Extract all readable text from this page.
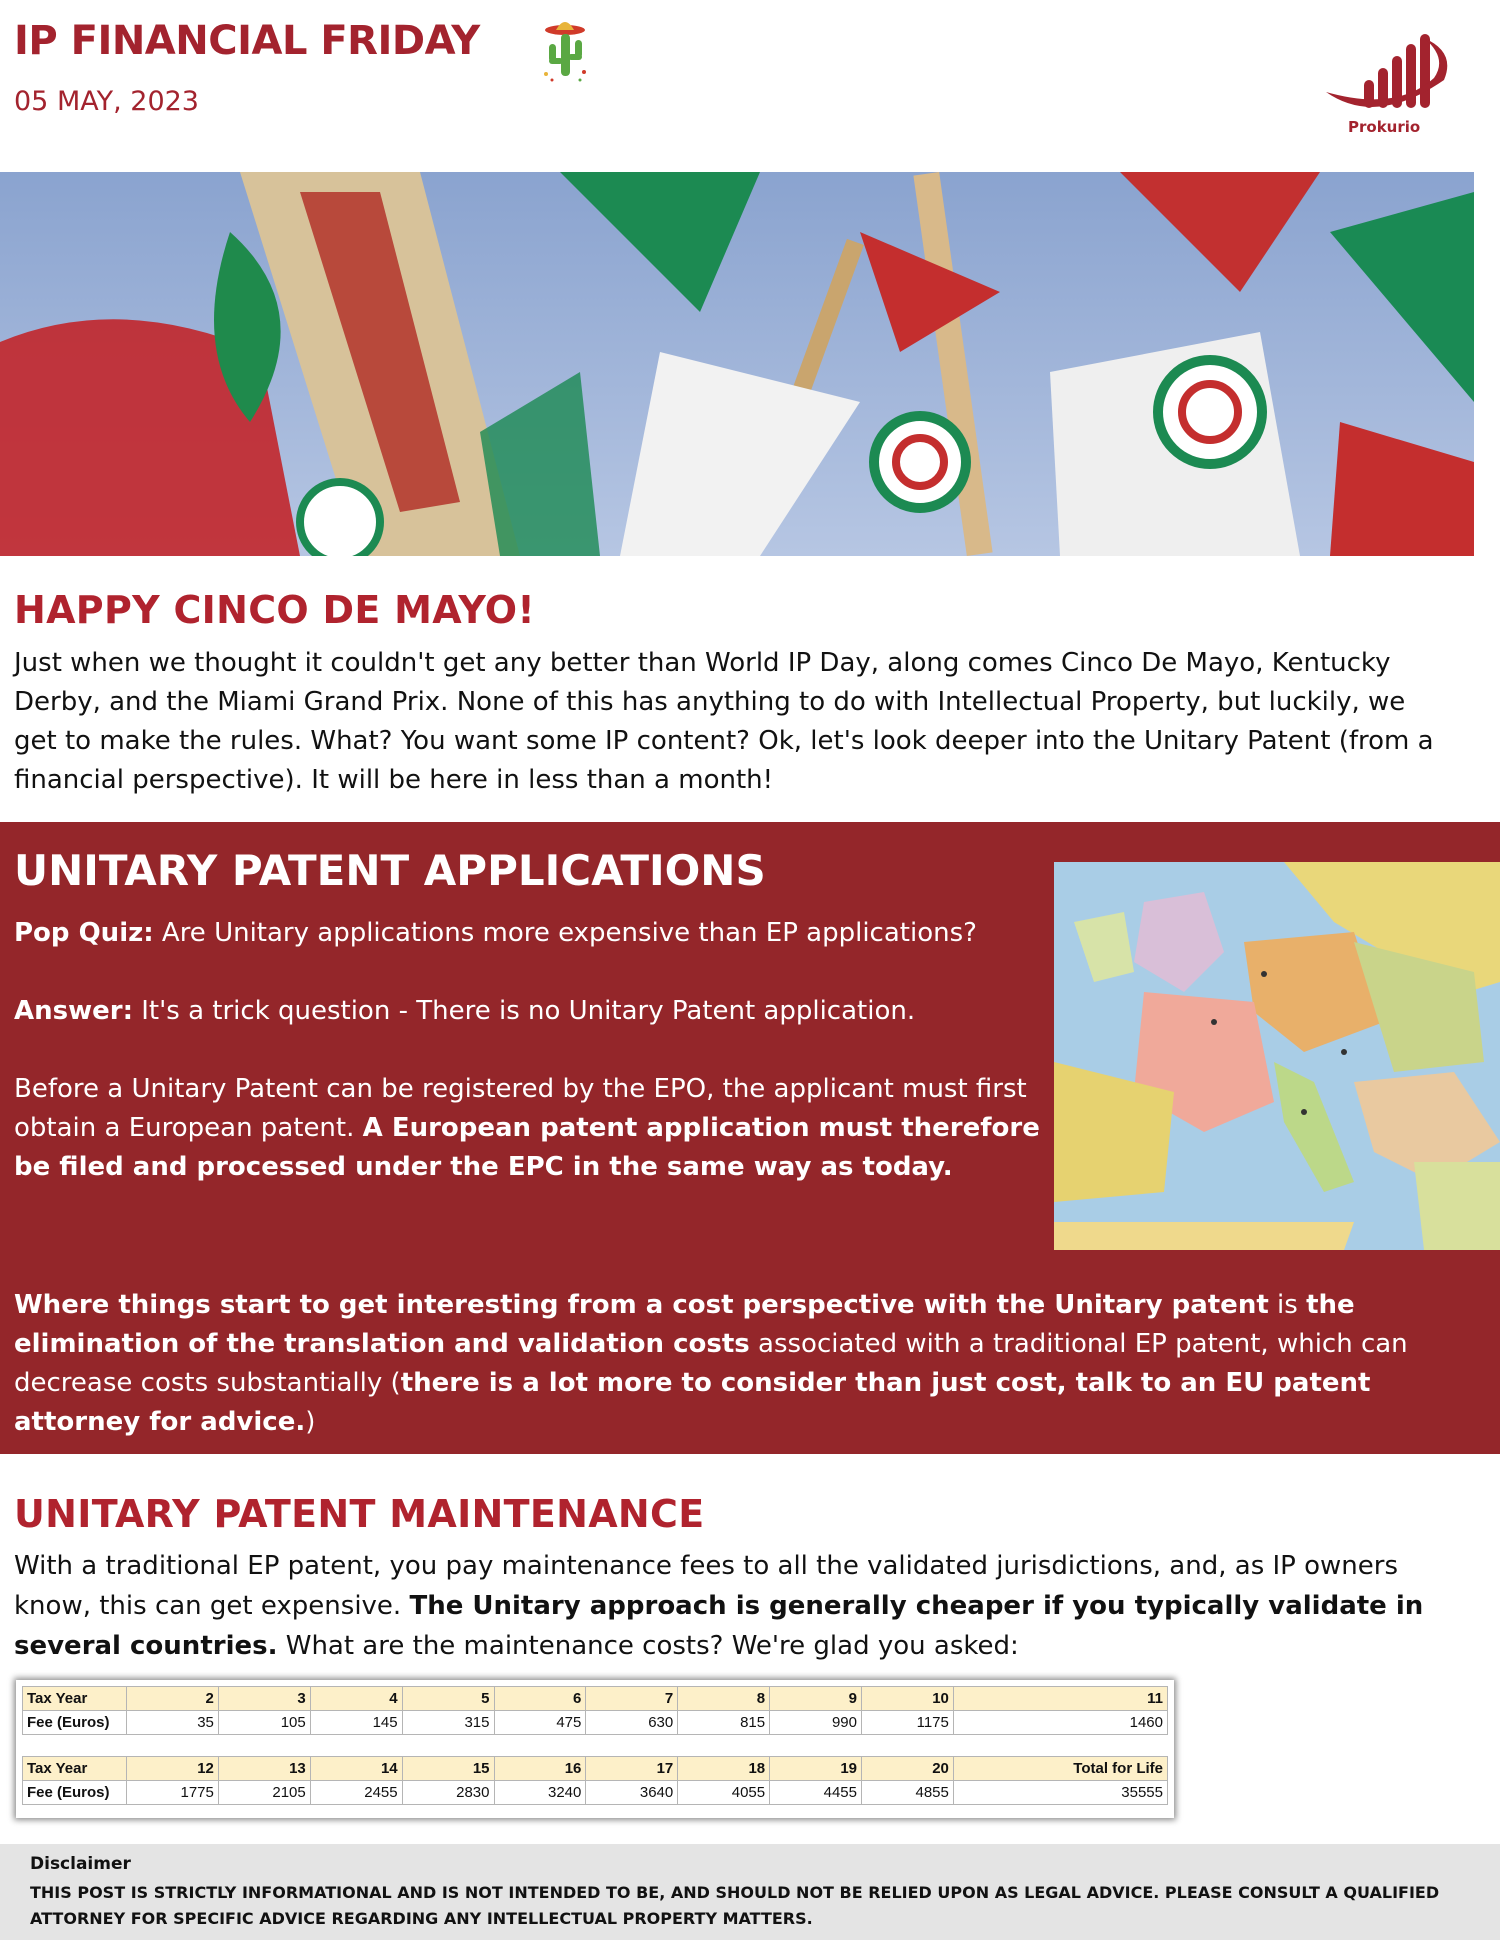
IP FINANCIAL FRIDAY
05 MAY, 2023
Prokurio
HAPPY CINCO DE MAYO!
Just when we thought it couldn't get any better than World IP Day, along comes Cinco De Mayo, Kentucky Derby, and the Miami Grand Prix. None of this has anything to do with Intellectual Property, but luckily, we get to make the rules. What? You want some IP content? Ok, let's look deeper into the Unitary Patent (from a financial perspective). It will be here in less than a month!
UNITARY PATENT APPLICATIONS

Pop Quiz: Are Unitary applications more expensive than EP applications?

Answer: It's a trick question - There is no Unitary Patent application.

Before a Unitary Patent can be registered by the EPO, the applicant must first obtain a European patent. A European patent application must therefore be filed and processed under the EPC in the same way as today.

Where things start to get interesting from a cost perspective with the Unitary patent is the elimination of the translation and validation costs associated with a traditional EP patent, which can decrease costs substantially (there is a lot more to consider than just cost, talk to an EU patent attorney for advice.)
UNITARY PATENT MAINTENANCE
With a traditional EP patent, you pay maintenance fees to all the validated jurisdictions, and, as IP owners know, this can get expensive. The Unitary approach is generally cheaper if you typically validate in several countries. What are the maintenance costs? We're glad you asked:
Tax Year	2	3	4	5	6	7	8	9	10	11
Fee (Euros)	35	105	145	315	475	630	815	990	1175	1460

Tax Year	12	13	14	15	16	17	18	19	20	Total for Life
Fee (Euros)	1775	2105	2455	2830	3240	3640	4055	4455	4855	35555
Disclaimer
THIS POST IS STRICTLY INFORMATIONAL AND IS NOT INTENDED TO BE, AND SHOULD NOT BE RELIED UPON AS LEGAL ADVICE. PLEASE CONSULT A QUALIFIED ATTORNEY FOR SPECIFIC ADVICE REGARDING ANY INTELLECTUAL PROPERTY MATTERS.
